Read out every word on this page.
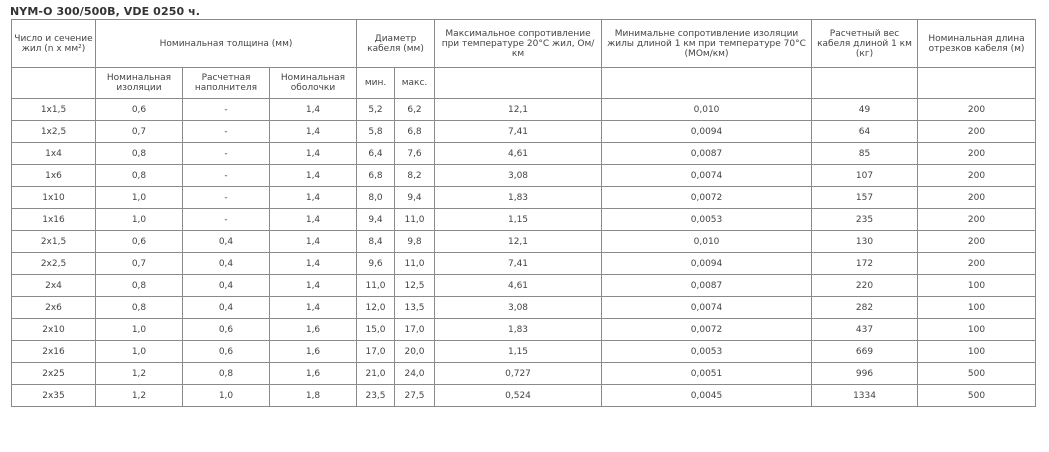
NYM-O 300/500В, VDE 0250 ч.
Число и сечение жил (n x мм²)	Номинальная толщина (мм)			Диаметр кабеля (мм)		Максимальное сопротивление при температуре 20°С жил, Ом/км	Минимальне сопротивление изоляции жилы длиной 1 км при температуре 70°С (МОм/км)	Расчетный вес кабеля длиной 1 км (кг)	Номинальная длина отрезков кабеля (м)
	Номинальная изоляции	Расчетная наполнителя	Номинальная оболочки	мин.	макс.				
1x1,5	0,6	-	1,4	5,2	6,2	12,1	0,010	49	200
1x2,5	0,7	-	1,4	5,8	6,8	7,41	0,0094	64	200
1x4	0,8	-	1,4	6,4	7,6	4,61	0,0087	85	200
1x6	0,8	-	1,4	6,8	8,2	3,08	0,0074	107	200
1x10	1,0	-	1,4	8,0	9,4	1,83	0,0072	157	200
1x16	1,0	-	1,4	9,4	11,0	1,15	0,0053	235	200
2x1,5	0,6	0,4	1,4	8,4	9,8	12,1	0,010	130	200
2x2,5	0,7	0,4	1,4	9,6	11,0	7,41	0,0094	172	200
2x4	0,8	0,4	1,4	11,0	12,5	4,61	0,0087	220	100
2x6	0,8	0,4	1,4	12,0	13,5	3,08	0,0074	282	100
2x10	1,0	0,6	1,6	15,0	17,0	1,83	0,0072	437	100
2x16	1,0	0,6	1,6	17,0	20,0	1,15	0,0053	669	100
2x25	1,2	0,8	1,6	21,0	24,0	0,727	0,0051	996	500
2x35	1,2	1,0	1,8	23,5	27,5	0,524	0,0045	1334	500
